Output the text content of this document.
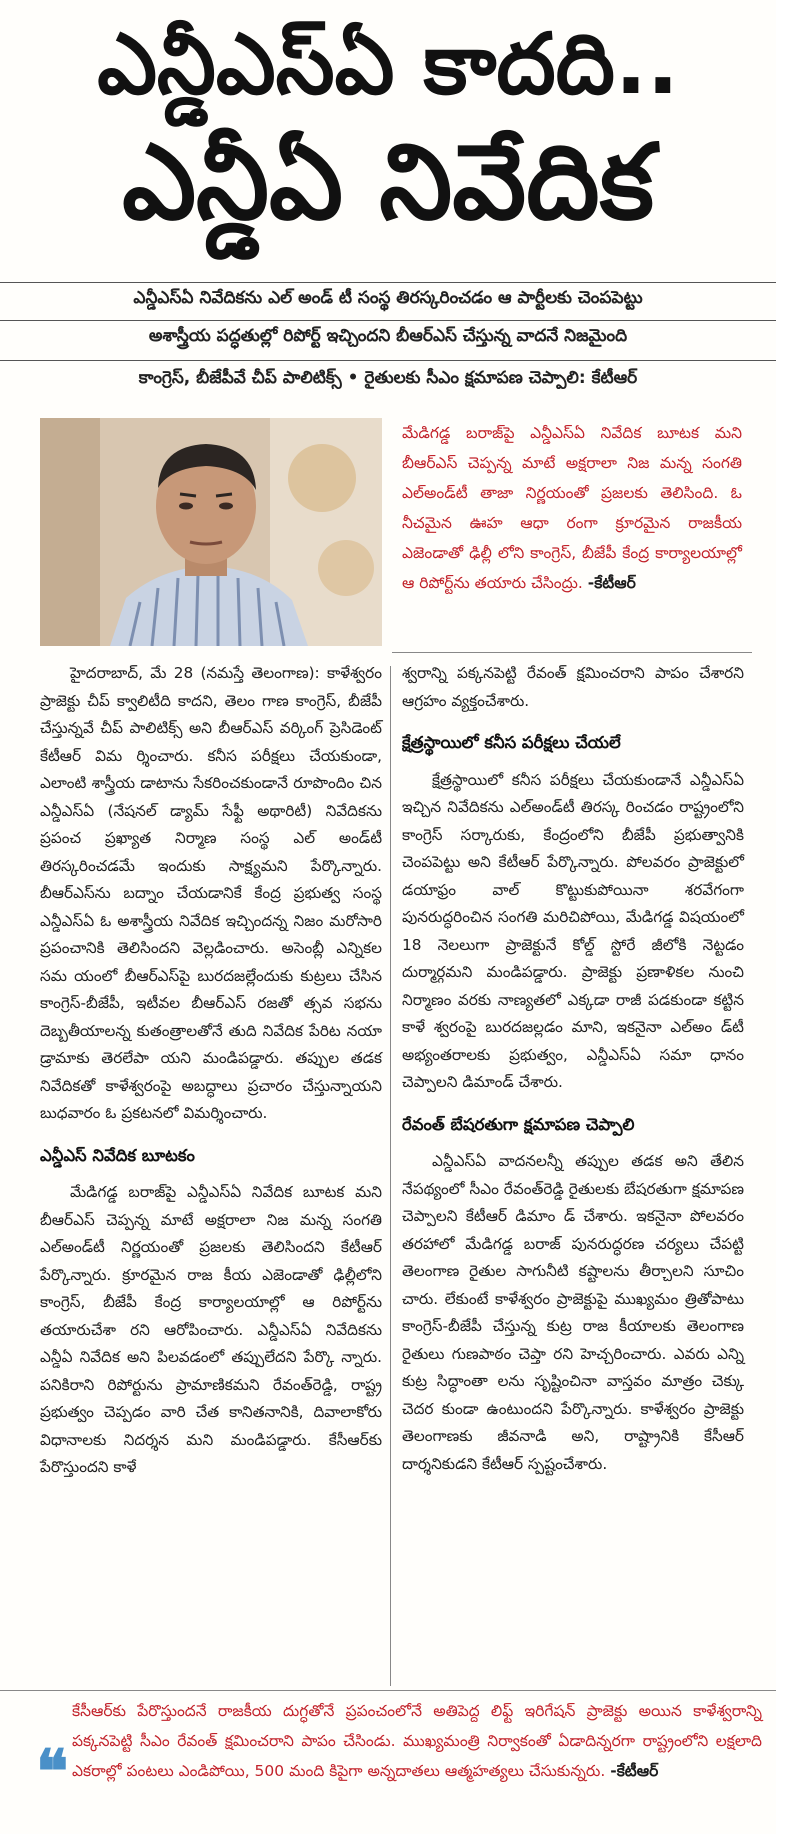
ఎన్డీఎస్‌ఏ కాదది..
ఎన్డీఏ నివేదిక
ఎన్డీఎస్‌ఏ నివేదికను ఎల్ అండ్ టీ సంస్థ తిరస్కరించడం ఆ పార్టీలకు చెంపపెట్టు
అశాస్త్రీయ పద్ధతుల్లో రిపోర్ట్ ఇచ్చిందని బీఆర్ఎస్ చేస్తున్న వాదనే నిజమైంది
కాంగ్రెస్, బీజేపీవే చీప్ పాలిటిక్స్ • రైతులకు సీఎం క్షమాపణ చెప్పాలి: కేటీఆర్

మేడిగడ్డ బరాజ్‌పై ఎన్డీఎస్‌ఏ నివేదిక బూటక మని బీఆర్ఎస్ చెప్పన్న మాటే అక్షరాలా నిజ మన్న సంగతి ఎల్అండ్‌టీ తాజా నిర్ణయంతో ప్రజలకు తెలిసింది. ఓ నీచమైన ఊహ ఆధా రంగా క్రూరమైన రాజకీయ ఎజెండాతో ఢిల్లీ లోని కాంగ్రెస్, బీజేపీ కేంద్ర కార్యాలయాల్లో ఆ రిపోర్ట్‌ను తయారు చేసింద్రు. -కేటీఆర్

హైదరాబాద్, మే 28 (నమస్తే తెలంగాణ): కాళేశ్వరం ప్రాజెక్టు చీప్ క్వాలిటీది కాదని, తెలం గాణ కాంగ్రెస్, బీజేపీ చేస్తున్నవే చీప్ పాలిటిక్స్ అని బీఆర్ఎస్ వర్కింగ్ ప్రెసిడెంట్ కేటీఆర్ విమ ర్శించారు. కనీస పరీక్షలు చేయకుండా, ఎలాంటి శాస్త్రీయ డాటాను సేకరించకుండానే రూపొందిం చిన ఎన్డీఎస్‌ఏ (నేషనల్ డ్యామ్ సేఫ్టీ అథారిటీ) నివేదికను ప్రపంచ ప్రఖ్యాత నిర్మాణ సంస్థ ఎల్ అండ్‌టీ తిరస్కరించడమే ఇందుకు సాక్ష్యమని పేర్కొన్నారు. బీఆర్ఎస్‌ను బద్నాం చేయడానికే కేంద్ర ప్రభుత్వ సంస్థ ఎన్డీఎస్‌ఏ ఓ అశాస్త్రీయ నివేదిక ఇచ్చిందన్న నిజం మరోసారి ప్రపంచానికి తెలిసిందని వెల్లడించారు. అసెంబ్లీ ఎన్నికల సమ యంలో బీఆర్ఎస్‌పై బురదజల్లేందుకు కుట్రలు చేసిన కాంగ్రెస్-బీజేపీ, ఇటీవల బీఆర్ఎస్ రజతో త్సవ సభను దెబ్బతీయాలన్న కుతంత్రాలతోనే తుది నివేదిక పేరిట నయా డ్రామాకు తెరలేపా యని మండిపడ్డారు. తప్పుల తడక నివేదికతో కాళేశ్వరంపై అబద్ధాలు ప్రచారం చేస్తున్నాయని బుధవారం ఓ ప్రకటనలో విమర్శించారు.

ఎన్డీఎస్ నివేదిక బూటకం

మేడిగడ్డ బరాజ్‌పై ఎన్డీఎస్‌ఏ నివేదిక బూటక మని బీఆర్ఎస్ చెప్పన్న మాటే అక్షరాలా నిజ మన్న సంగతి ఎల్అండ్‌టీ నిర్ణయంతో ప్రజలకు తెలిసిందని కేటీఆర్ పేర్కొన్నారు. క్రూరమైన రాజ కీయ ఎజెండాతో ఢిల్లీలోని కాంగ్రెస్, బీజేపీ కేంద్ర కార్యాలయాల్లో ఆ రిపోర్ట్‌ను తయారుచేశా రని ఆరోపించారు. ఎన్డీఎస్‌ఏ నివేదికను ఎన్డీఏ నివేదిక అని పిలవడంలో తప్పులేదని పేర్కొ న్నారు. పనికిరాని రిపోర్టును ప్రామాణికమని రేవంత్‌రెడ్డి, రాష్ట్ర ప్రభుత్వం చెప్పడం వారి చేత కానితనానికి, దివాలాకోరు విధానాలకు నిదర్శన మని మండిపడ్డారు. కేసీఆర్‌కు పేరొస్తుందని కాళే

శ్వరాన్ని పక్కనపెట్టి రేవంత్ క్షమించరాని పాపం చేశారని ఆగ్రహం వ్యక్తంచేశారు.

క్షేత్రస్థాయిలో కనీస పరీక్షలు చేయలే

క్షేత్రస్థాయిలో కనీస పరీక్షలు చేయకుండానే ఎన్డీఎస్‌ఏ ఇచ్చిన నివేదికను ఎల్అండ్‌టీ తిరస్క రించడం రాష్ట్రంలోని కాంగ్రెస్ సర్కారుకు, కేంద్రంలోని బీజేపీ ప్రభుత్వానికి చెంపపెట్టు అని కేటీఆర్ పేర్కొన్నారు. పోలవరం ప్రాజెక్టులో డయాఫ్రం వాల్ కొట్టుకుపోయినా శరవేగంగా పునరుద్ధరించిన సంగతి మరిచిపోయి, మేడిగడ్డ విషయంలో 18 నెలలుగా ప్రాజెక్టునే కోల్డ్ స్టోరే జీలోకి నెట్టడం దుర్మార్గమని మండిపడ్డారు. ప్రాజెక్టు ప్రణాళికల నుంచి నిర్మాణం వరకు నాణ్యతలో ఎక్కడా రాజీ పడకుండా కట్టిన కాళే శ్వరంపై బురదజల్లడం మాని, ఇకనైనా ఎల్అం డ్‌టీ అభ్యంతరాలకు ప్రభుత్వం, ఎన్డీఎస్‌ఏ సమా ధానం చెప్పాలని డిమాండ్ చేశారు.

రేవంత్ బేషరతుగా క్షమాపణ చెప్పాలి

ఎన్డీఎస్‌ఏ వాదనలన్నీ తప్పుల తడక అని తేలిన నేపథ్యంలో సీఎం రేవంత్‌రెడ్డి రైతులకు బేషరతుగా క్షమాపణ చెప్పాలని కేటీఆర్ డిమాం డ్ చేశారు. ఇకనైనా పోలవరం తరహాలో మేడిగడ్డ బరాజ్ పునరుద్ధరణ చర్యలు చేపట్టి తెలంగాణ రైతుల సాగునీటి కష్టాలను తీర్చాలని సూచిం చారు. లేకుంటే కాళేశ్వరం ప్రాజెక్టుపై ముఖ్యమం త్రితోపాటు కాంగ్రెస్-బీజేపీ చేస్తున్న కుట్ర రాజ కీయాలకు తెలంగాణ రైతులు గుణపాఠం చెప్తా రని హెచ్చరించారు. ఎవరు ఎన్ని కుట్ర సిద్ధాంతా లను సృష్టించినా వాస్తవం మాత్రం చెక్కు చెదర కుండా ఉంటుందని పేర్కొన్నారు. కాళేశ్వరం ప్రాజెక్టు తెలంగాణకు జీవనాడి అని, రాష్ట్రానికి కేసీఆర్ దార్శనికుడని కేటీఆర్ స్పష్టంచేశారు.

❝

కేసీఆర్‌కు పేరొస్తుందనే రాజకీయ దుగ్ధతోనే ప్రపంచంలోనే అతిపెద్ద లిఫ్ట్ ఇరిగేషన్ ప్రాజెక్టు అయిన కాళేశ్వరాన్ని పక్కనపెట్టి సీఎం రేవంత్ క్షమించరాని పాపం చేసిండు. ముఖ్యమంత్రి నిర్వాకంతో ఏడాదిన్నరగా రాష్ట్రంలోని లక్షలాది ఎకరాల్లో పంటలు ఎండిపోయి, 500 మంది కిపైగా అన్నదాతలు ఆత్మహత్యలు చేసుకున్నరు. -కేటీఆర్
